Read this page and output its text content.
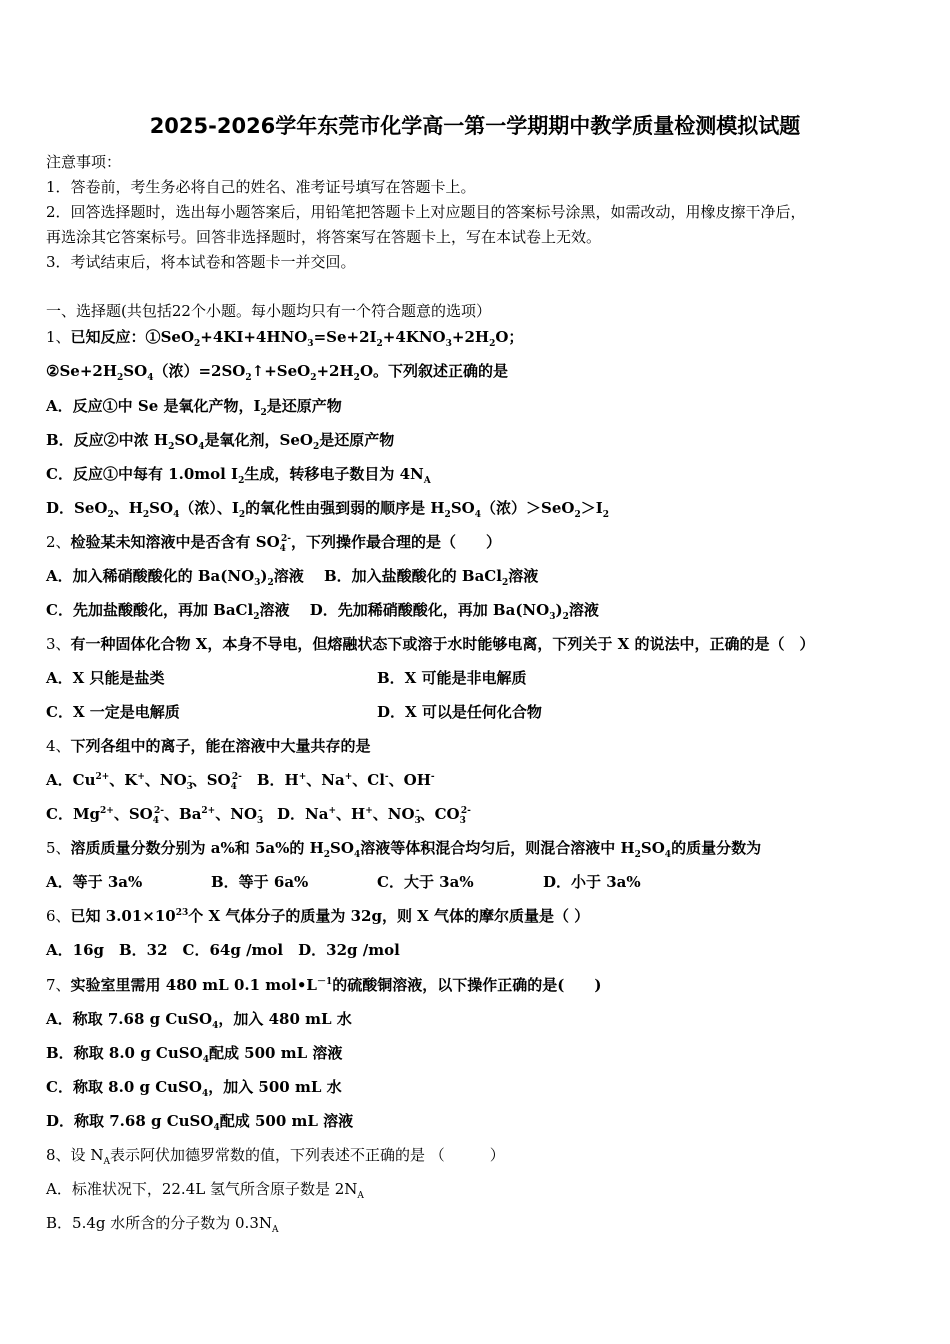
2025-2026学年东莞市化学高一第一学期期中教学质量检测模拟试题
注意事项：
1．答卷前，考生务必将自己的姓名、准考证号填写在答题卡上。
2．回答选择题时，选出每小题答案后，用铅笔把答题卡上对应题目的答案标号涂黑，如需改动，用橡皮擦干净后，
再选涂其它答案标号。回答非选择题时，将答案写在答题卡上，写在本试卷上无效。
3．考试结束后，将本试卷和答题卡一并交回。
一、选择题(共包括22个小题。每小题均只有一个符合题意的选项）
1、已知反应：$①SeO_2+4KI+4HNO_3=Se+2I_2+4KNO_3+2H_2O$；
$②Se+2H_2SO_4$（浓）$=2SO_2↑+SeO_2+2H_2O$。下列叙述正确的是
A．反应①中 Se 是氧化产物，$I_2$是还原产物
B．反应②中浓 $H_2SO_4$是氧化剂，SeO$_2$是还原产物
C．反应①中每有 1.0mol $I_2$生成，转移电子数目为 $4N_A$
D．SeO$_2$、$H_2SO_4$（浓）、$I_2$的氧化性由强到弱的顺序是 $H_2SO_4$（浓）$>SeO_2>I_2$
2、检验某未知溶液中是否含有 $SO_4^{2-}$，下列操作最合理的是（　　）
A．加入稀硝酸酸化的 $Ba(NO_3)_2$溶液　 B．加入盐酸酸化的 BaCl$_2$溶液
C．先加盐酸酸化，再加 BaCl$_2$溶液　 D．先加稀硝酸酸化，再加 $Ba(NO_3)_2$溶液
3、有一种固体化合物 X，本身不导电，但熔融状态下或溶于水时能够电离，下列关于 X 的说法中，正确的是（　）
A．X 只能是盐类	B．X 可能是非电解质
C．X 一定是电解质	D．X 可以是任何化合物
4、下列各组中的离子，能在溶液中大量共存的是
A．$Cu^{2+}$、K+、$NO_3^-$、$SO_4^{2-}$　B．H+、Na+、Cl-、OH-
C．$Mg^{2+}$、$SO_4^{2-}$、$Ba^{2+}$、$NO_3^-$　D．Na+、H+、$NO_3^-$、$CO_3^{2-}$
5、溶质质量分数分别为 a%和 5a%的 $H_2SO_4$溶液等体积混合均匀后，则混合溶液中 $H_2SO_4$的质量分数为
A．等于 3a%	B．等于 6a%	C．大于 3a%	D．小于 3a%
6、已知 $3.01\times 10^{23}$个 X 气体分子的质量为 32g，则 X 气体的摩尔质量是（ ）
A．16g　B．32　C．64g /mol　D．32g /mol
7、实验室里需用 480 mL 0.1 $mol•L^{-1}$的硫酸铜溶液，以下操作正确的是(　　)
A．称取 7.68 g CuSO$_4$，加入 480 mL 水
B．称取 8.0 g CuSO$_4$配成 500 mL 溶液
C．称取 8.0 g CuSO$_4$，加入 500 mL 水
D．称取 7.68 g CuSO$_4$配成 500 mL 溶液
8、设 $N_A$表示阿伏加德罗常数的值，下列表述不正确的是 （　　　）
A．标准状况下，22.4L 氢气所含原子数是 $2N_A$
B．5.4g 水所含的分子数为 $0.3N_A$
